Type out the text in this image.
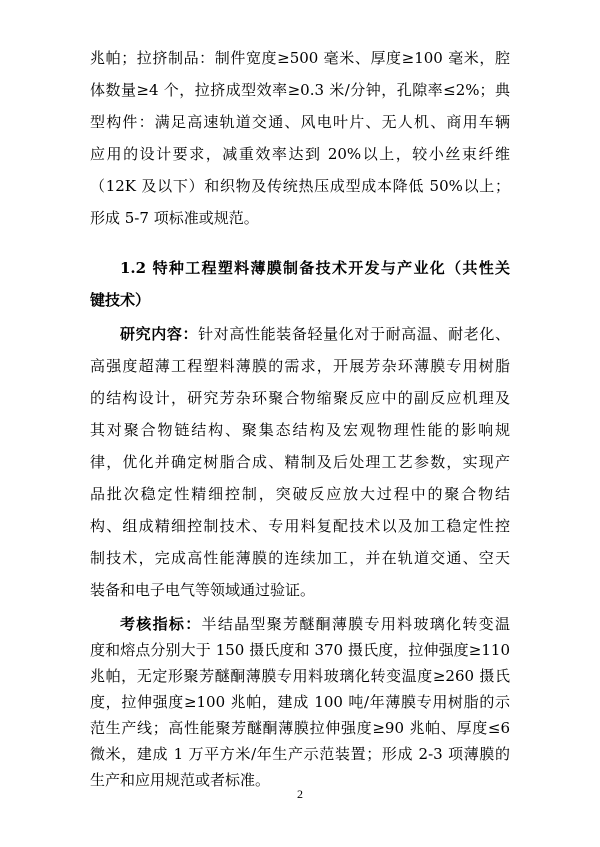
兆帕；拉挤制品：制件宽度≥500 毫米、厚度≥100 毫米，腔
体数量≥4 个，拉挤成型效率≥0.3 米/分钟，孔隙率≤2%；典
型构件：满足高速轨道交通、风电叶片、无人机、商用车辆
应用的设计要求，减重效率达到 20%以上，较小丝束纤维
（12K 及以下）和织物及传统热压成型成本降低 50%以上；
形成 5-7 项标准或规范。
1.2 特种工程塑料薄膜制备技术开发与产业化（共性关
键技术）
研究内容：针对高性能装备轻量化对于耐高温、耐老化、
高强度超薄工程塑料薄膜的需求，开展芳杂环薄膜专用树脂
的结构设计，研究芳杂环聚合物缩聚反应中的副反应机理及
其对聚合物链结构、聚集态结构及宏观物理性能的影响规
律，优化并确定树脂合成、精制及后处理工艺参数，实现产
品批次稳定性精细控制，突破反应放大过程中的聚合物结
构、组成精细控制技术、专用料复配技术以及加工稳定性控
制技术，完成高性能薄膜的连续加工，并在轨道交通、空天
装备和电子电气等领域通过验证。
考核指标：半结晶型聚芳醚酮薄膜专用料玻璃化转变温
度和熔点分别大于 150 摄氏度和 370 摄氏度，拉伸强度≥110
兆帕，无定形聚芳醚酮薄膜专用料玻璃化转变温度≥260 摄氏
度，拉伸强度≥100 兆帕，建成 100 吨/年薄膜专用树脂的示
范生产线；高性能聚芳醚酮薄膜拉伸强度≥90 兆帕、厚度≤6
2
微米，建成 1 万平方米/年生产示范装置；形成 2-3 项薄膜的
生产和应用规范或者标准。
